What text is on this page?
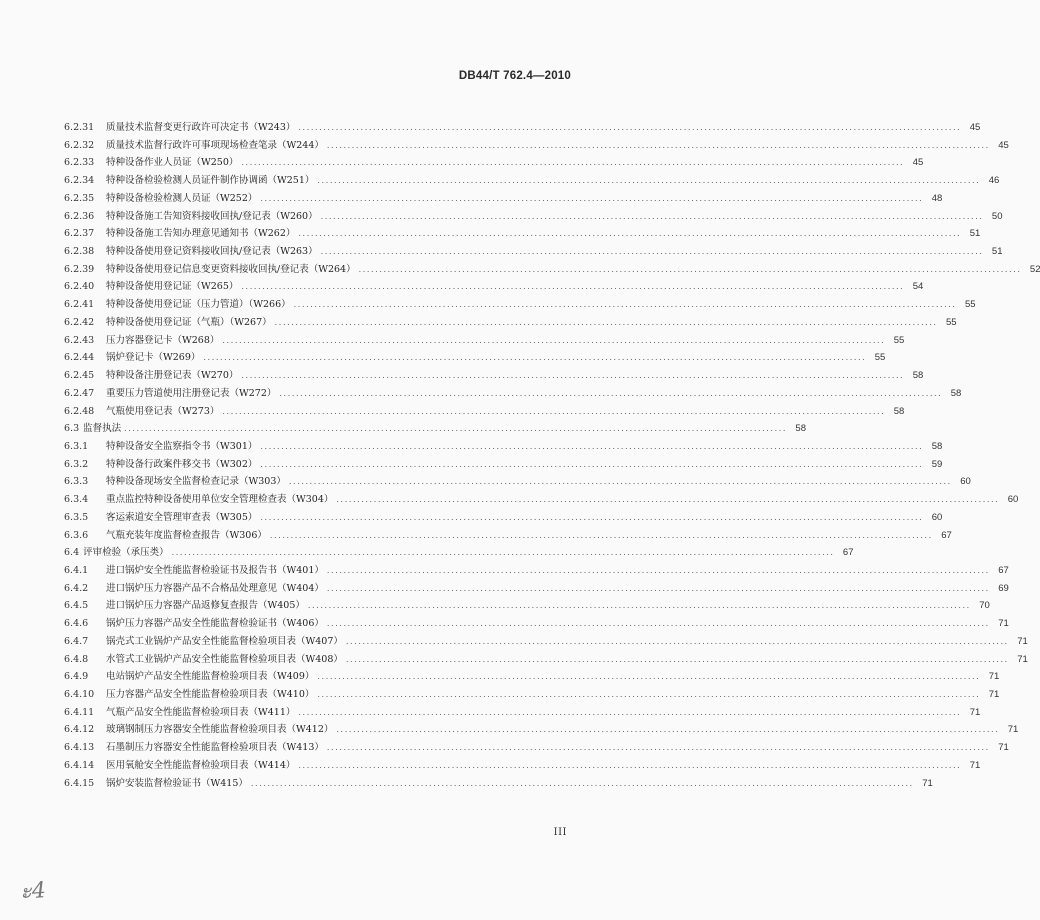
DB44/T 762.4—2010
6.2.31	质量技术监督变更行政许可决定书（W243） ................................................................................................................................................................ 45
6.2.32	质量技术监督行政许可事项现场检查笔录（W244） ................................................................................................................................................................ 45
6.2.33	特种设备作业人员证（W250） ................................................................................................................................................................ 45
6.2.34	特种设备检验检测人员证件制作协调函（W251） ................................................................................................................................................................ 46
6.2.35	特种设备检验检测人员证（W252） ................................................................................................................................................................ 48
6.2.36	特种设备施工告知资料接收回执/登记表（W260） ................................................................................................................................................................ 50
6.2.37	特种设备施工告知办理意见通知书（W262） ................................................................................................................................................................ 51
6.2.38	特种设备使用登记资料接收回执/登记表（W263） ................................................................................................................................................................ 51
6.2.39	特种设备使用登记信息变更资料接收回执/登记表（W264） ................................................................................................................................................................ 52
6.2.40	特种设备使用登记证（W265） ................................................................................................................................................................ 54
6.2.41	特种设备使用登记证（压力管道）（W266） ................................................................................................................................................................ 55
6.2.42	特种设备使用登记证（气瓶）（W267） ................................................................................................................................................................ 55
6.2.43	压力容器登记卡（W268） ................................................................................................................................................................ 55
6.2.44	锅炉登记卡（W269） ................................................................................................................................................................ 55
6.2.45	特种设备注册登记表（W270） ................................................................................................................................................................ 58
6.2.47	重要压力管道使用注册登记表（W272） ................................................................................................................................................................ 58
6.2.48	气瓶使用登记表（W273） ................................................................................................................................................................ 58
6.3 监督执法 ................................................................................................................................................................ 58
6.3.1	特种设备安全监察指令书（W301） ................................................................................................................................................................ 58
6.3.2	特种设备行政案件移交书（W302） ................................................................................................................................................................ 59
6.3.3	特种设备现场安全监督检查记录（W303） ................................................................................................................................................................ 60
6.3.4	重点监控特种设备使用单位安全管理检查表（W304） ................................................................................................................................................................ 60
6.3.5	客运索道安全管理审查表（W305） ................................................................................................................................................................ 60
6.3.6	气瓶充装年度监督检查报告（W306） ................................................................................................................................................................ 67
6.4 评审检验（承压类） ................................................................................................................................................................ 67
6.4.1	进口锅炉安全性能监督检验证书及报告书（W401） ................................................................................................................................................................ 67
6.4.2	进口锅炉压力容器产品不合格品处理意见（W404） ................................................................................................................................................................ 69
6.4.5	进口锅炉压力容器产品返修复查报告（W405） ................................................................................................................................................................ 70
6.4.6	锅炉压力容器产品安全性能监督检验证书（W406） ................................................................................................................................................................ 71
6.4.7	锅壳式工业锅炉产品安全性能监督检验项目表（W407） ................................................................................................................................................................ 71
6.4.8	水管式工业锅炉产品安全性能监督检验项目表（W408） ................................................................................................................................................................ 71
6.4.9	电站锅炉产品安全性能监督检验项目表（W409） ................................................................................................................................................................ 71
6.4.10	压力容器产品安全性能监督检验项目表（W410） ................................................................................................................................................................ 71
6.4.11	气瓶产品安全性能监督检验项目表（W411） ................................................................................................................................................................ 71
6.4.12	玻璃钢制压力容器安全性能监督检验项目表（W412） ................................................................................................................................................................ 71
6.4.13	石墨制压力容器安全性能监督检验项目表（W413） ................................................................................................................................................................ 71
6.4.14	医用氧舱安全性能监督检验项目表（W414） ................................................................................................................................................................ 71
6.4.15	锅炉安装监督检验证书（W415） ................................................................................................................................................................ 71
III
ะ4
